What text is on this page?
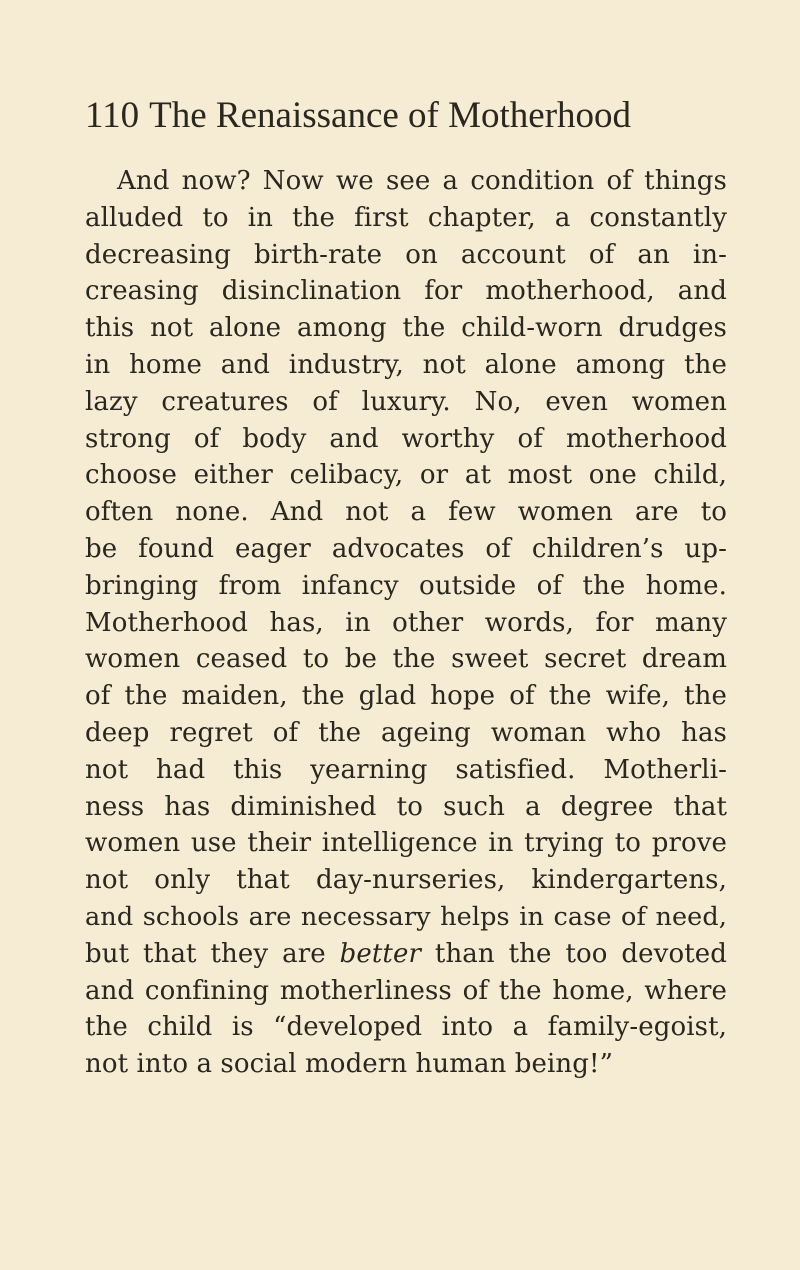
110 The Renaissance of Motherhood
And now? Now we see a condition of things
alluded to in the first chapter, a constantly
decreasing birth-rate on account of an in-
creasing disinclination for motherhood, and
this not alone among the child-worn drudges
in home and industry, not alone among the
lazy creatures of luxury. No, even women
strong of body and worthy of motherhood
choose either celibacy, or at most one child,
often none. And not a few women are to
be found eager advocates of children’s up-
bringing from infancy outside of the home.
Motherhood has, in other words, for many
women ceased to be the sweet secret dream
of the maiden, the glad hope of the wife, the
deep regret of the ageing woman who has
not had this yearning satisfied. Motherli-
ness has diminished to such a degree that
women use their intelligence in trying to prove
not only that day-nurseries, kindergartens,
and schools are necessary helps in case of need,
but that they are better than the too devoted
and confining motherliness of the home, where
the child is “developed into a family-egoist,
not into a social modern human being!”
